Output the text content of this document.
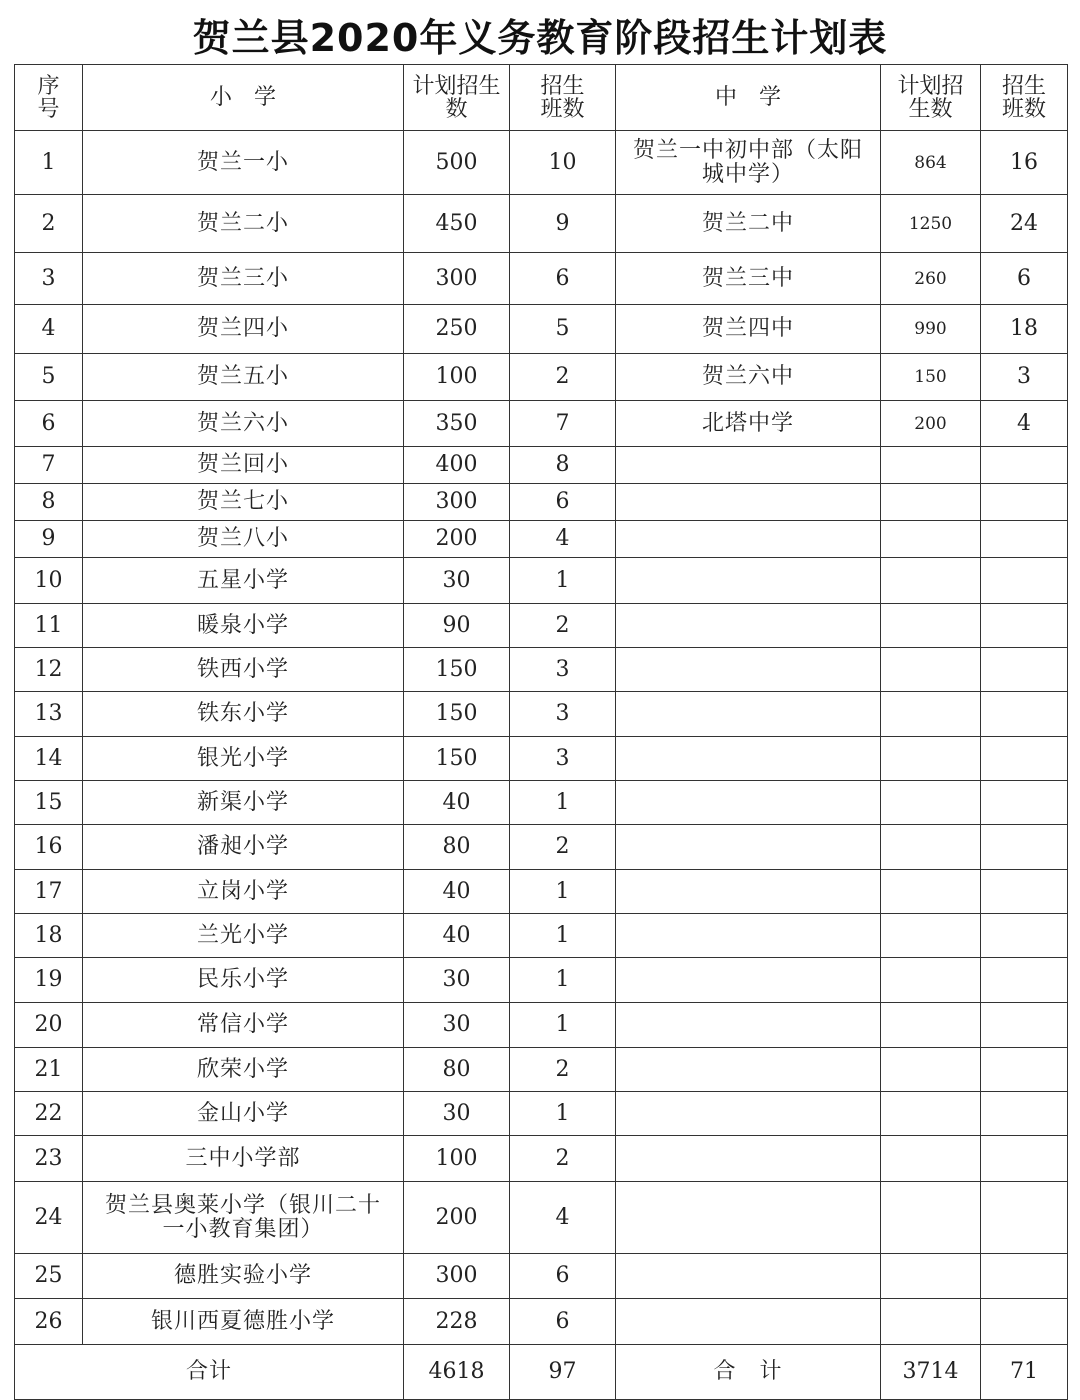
贺兰县2020年义务教育阶段招生计划表
序号	小　学	计划招生数	招生班数	中　学	计划招生数	招生班数
1	贺兰一小	500	10	贺兰一中初中部（太阳城中学）	864	16
2	贺兰二小	450	9	贺兰二中	1250	24
3	贺兰三小	300	6	贺兰三中	260	6
4	贺兰四小	250	5	贺兰四中	990	18
5	贺兰五小	100	2	贺兰六中	150	3
6	贺兰六小	350	7	北塔中学	200	4
7	贺兰回小	400	8			
8	贺兰七小	300	6			
9	贺兰八小	200	4			
10	五星小学	30	1			
11	暖泉小学	90	2			
12	铁西小学	150	3			
13	铁东小学	150	3			
14	银光小学	150	3			
15	新渠小学	40	1			
16	潘昶小学	80	2			
17	立岗小学	40	1			
18	兰光小学	40	1			
19	民乐小学	30	1			
20	常信小学	30	1			
21	欣荣小学	80	2			
22	金山小学	30	1			
23	三中小学部	100	2			
24	贺兰县奥莱小学（银川二十一小教育集团）	200	4			
25	德胜实验小学	300	6			
26	银川西夏德胜小学	228	6			
合计		4618	97	合　计	3714	71
